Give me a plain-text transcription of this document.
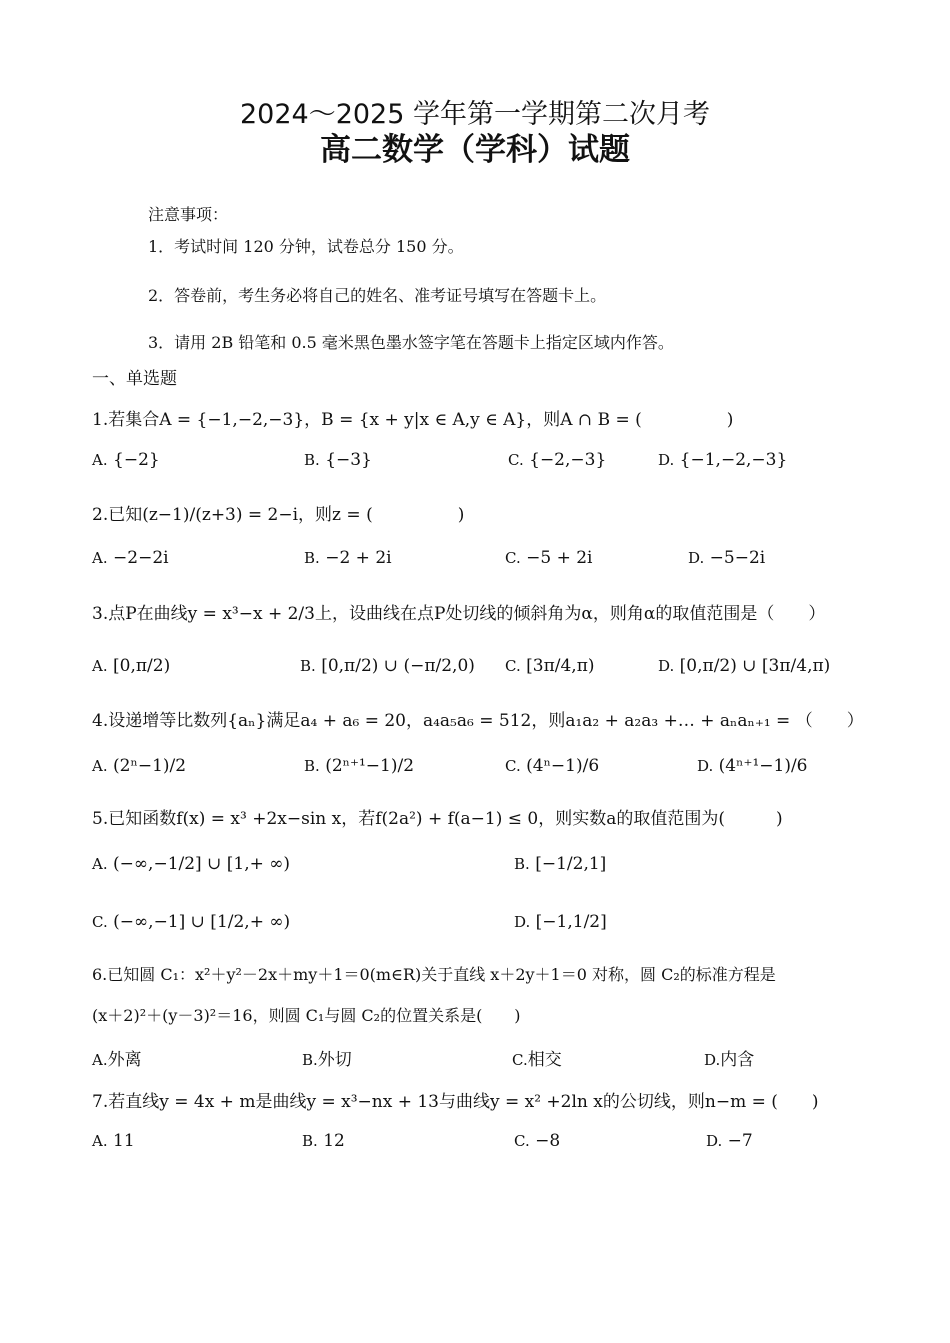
2024～2025 学年第一学期第二次月考
高二数学（学科）试题
注意事项：
1．考试时间 120 分钟，试卷总分 150 分。
2．答卷前，考生务必将自己的姓名、准考证号填写在答题卡上。
3．请用 2B 铅笔和 0.5 毫米黑色墨水签字笔在答题卡上指定区域内作答。
一、单选题
1.若集合A = {−1,−2,−3}，B = {x + y|x ∈ A,y ∈ A}，则A ∩ B = (　　　　　)
A. {−2}	B. {−3}	C. {−2,−3}	D. {−1,−2,−3}
2.已知(z−1)/(z+3) = 2−i，则z = (　　　　　)
A. −2−2i	B. −2 + 2i	C. −5 + 2i	D. −5−2i
3.点P在曲线y = x³−x + 2/3上，设曲线在点P处切线的倾斜角为α，则角α的取值范围是（　　）
A. [0,π/2)	B. [0,π/2) ∪ (−π/2,0) C. [3π/4,π)	D. [0,π/2) ∪ [3π/4,π)
4.设递增等比数列{aₙ}满足a₄ + a₆ = 20，a₄a₅a₆ = 512，则a₁a₂ + a₂a₃ +… + aₙaₙ₊₁ = （　　）
A. (2ⁿ−1)/2	B. (2ⁿ⁺¹−1)/2	C. (4ⁿ−1)/6	D. (4ⁿ⁺¹−1)/6
5.已知函数f(x) = x³ +2x−sin x，若f(2a²) + f(a−1) ≤ 0，则实数a的取值范围为(　　　)
A. (−∞,−1/2] ∪ [1,+ ∞)	B. [−1/2,1]
C. (−∞,−1] ∪ [1/2,+ ∞)	D. [−1,1/2]
6.已知圆 C₁：x²＋y²－2x＋my＋1＝0(m∈R)关于直线 x＋2y＋1＝0 对称，圆 C₂的标准方程是
(x＋2)²＋(y－3)²＝16，则圆 C₁与圆 C₂的位置关系是(　　)
A.外离	B.外切	C.相交	D.内含
7.若直线y = 4x + m是曲线y = x³−nx + 13与曲线y = x² +2ln x的公切线，则n−m = (　　)
A. 11	B. 12	C. −8	D. −7
